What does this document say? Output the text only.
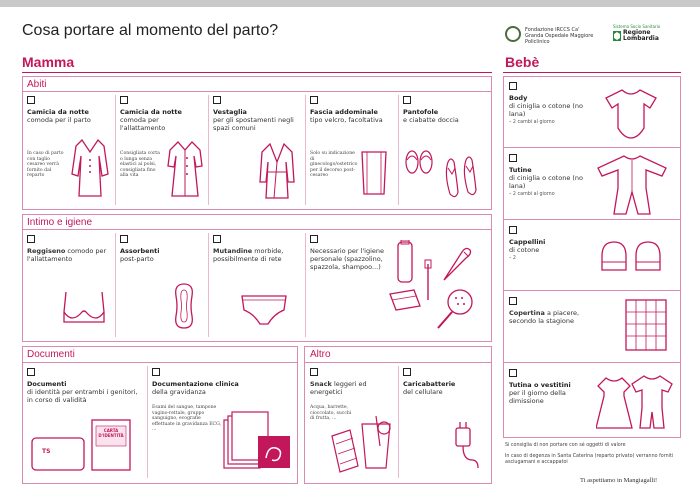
Cosa portare al momento del parto?	Fondazione IRCCS Ca' Granda Ospedale Maggiore Policlinico
Sistema Socio Sanitario
Regione Lombardia
Mamma
Abiti
Camicia da notte
comoda per il parto
In caso di parto con taglio cesareo verrà fornito dal reparto
Camicia da notte
comoda per l'allattamento
Consigliata corta o lunga senza elastici ai polsi, consigliata fino alla vita
Vestaglia
per gli spostamenti negli spazi comuni
Fascia addominale
tipo velcro, facoltativa
Solo su indicazione di ginecologo/ostetrico per il decorso post-cesareo
Pantofole
e ciabatte doccia
Intimo e igiene
Reggiseno comodo per l'allattamento
Assorbenti
post-parto
Mutandine morbide, possibilmente di rete
Necessario per l'igiene personale (spazzolino, spazzola, shampoo...)
Documenti
Documenti
di identità per entrambi i genitori, in corso di validità
TS
CARTA D'IDENTITÀ
Documentazione clinica
della gravidanza
Esami del sangue, tampone vagino-rettale, gruppo sanguigno, ecografie effettuate in gravidanza ECG, ...
Altro
Snack leggeri ed energetici
Acqua, barrette, cioccolato, succhi di frutta, ...
Caricabatterie
del cellulare
Bebè
Body
di ciniglia o cotone (no lana)
– 2 cambi al giorno
Tutine
di ciniglia o cotone (no lana)
– 2 cambi al giorno
Cappellini
di cotone
– 2
Copertina a piacere, secondo la stagione
Tutina o vestitini
per il giorno della dimissione
Si consiglia di non portare con sé oggetti di valore
In caso di degenza in Santa Caterina (reparto privato) verranno forniti asciugamani e accappatoi
Ti aspettiamo in Mangiagalli!
